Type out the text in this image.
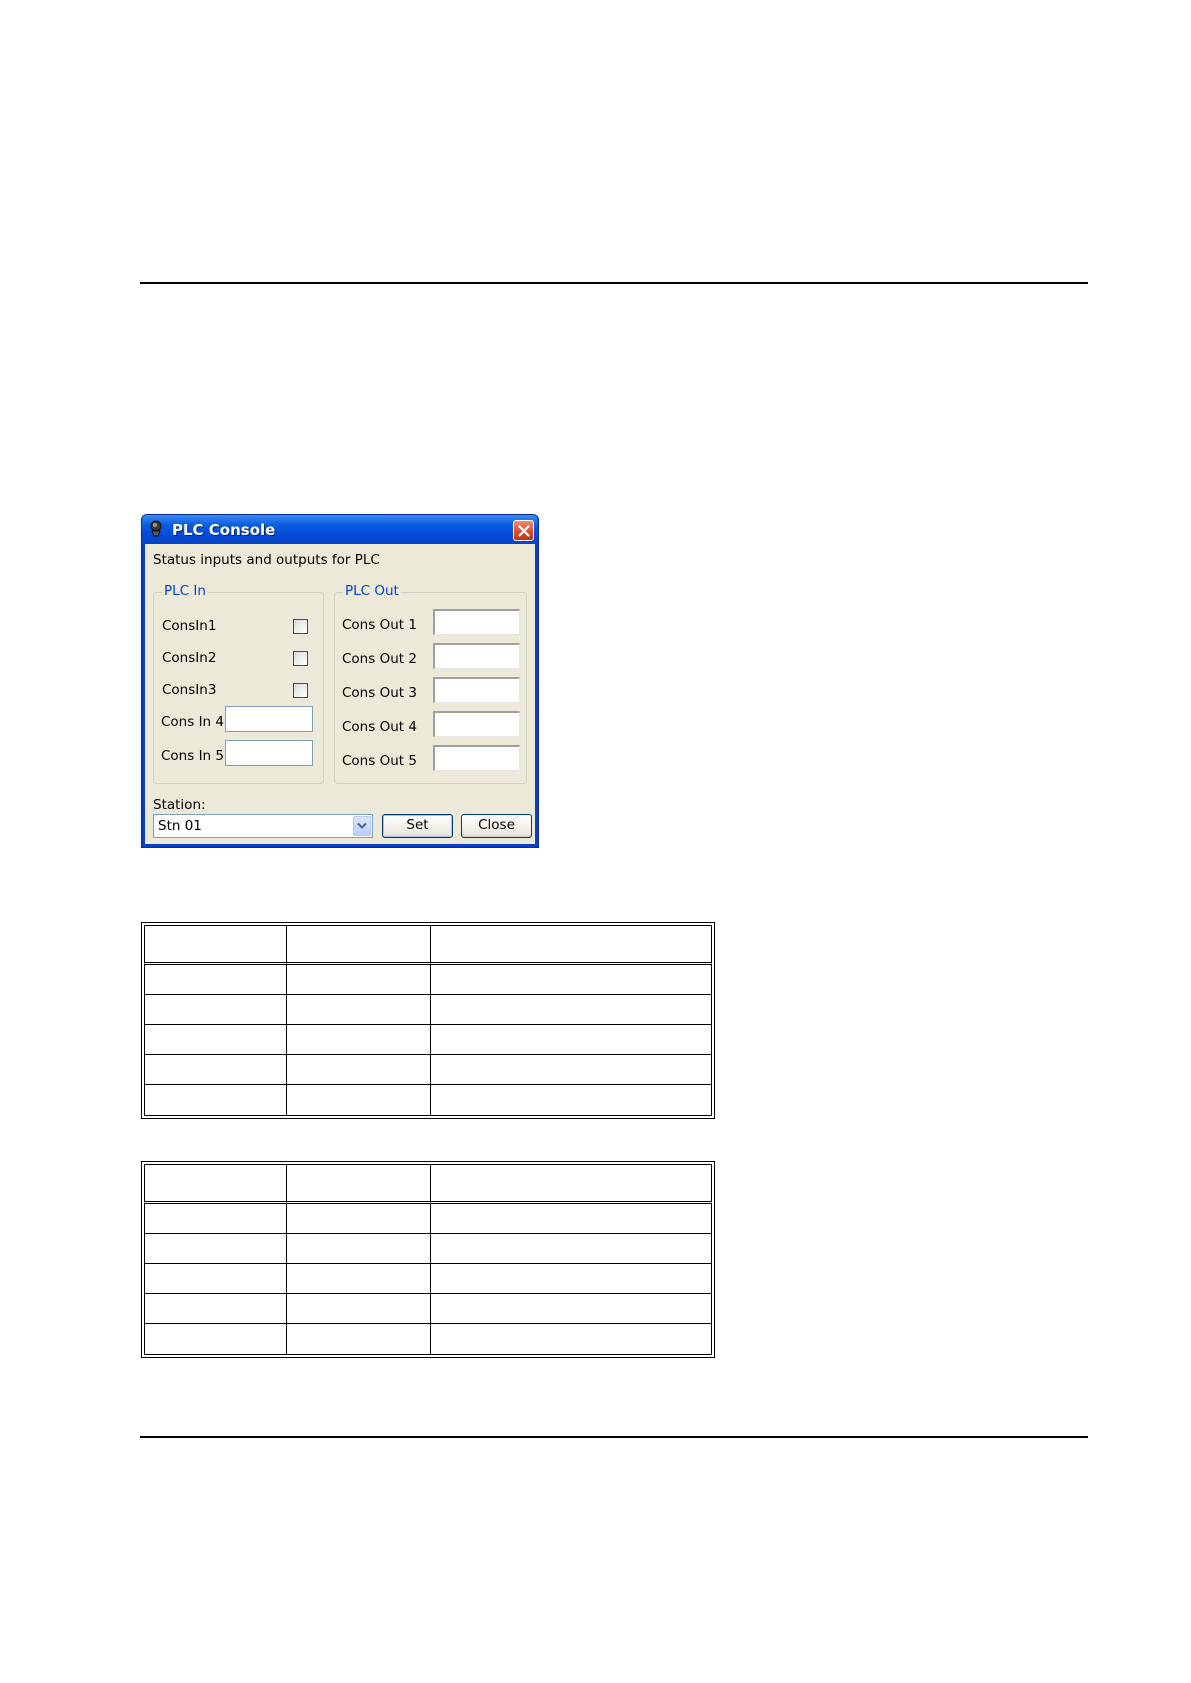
PLC Console
Status inputs and outputs for PLC
PLC In
ConsIn1
ConsIn2
ConsIn3
Cons In 4
Cons In 5
PLC Out
Cons Out 1
Cons Out 2
Cons Out 3
Cons Out 4
Cons Out 5
Station:
Stn 01	Set	Close
